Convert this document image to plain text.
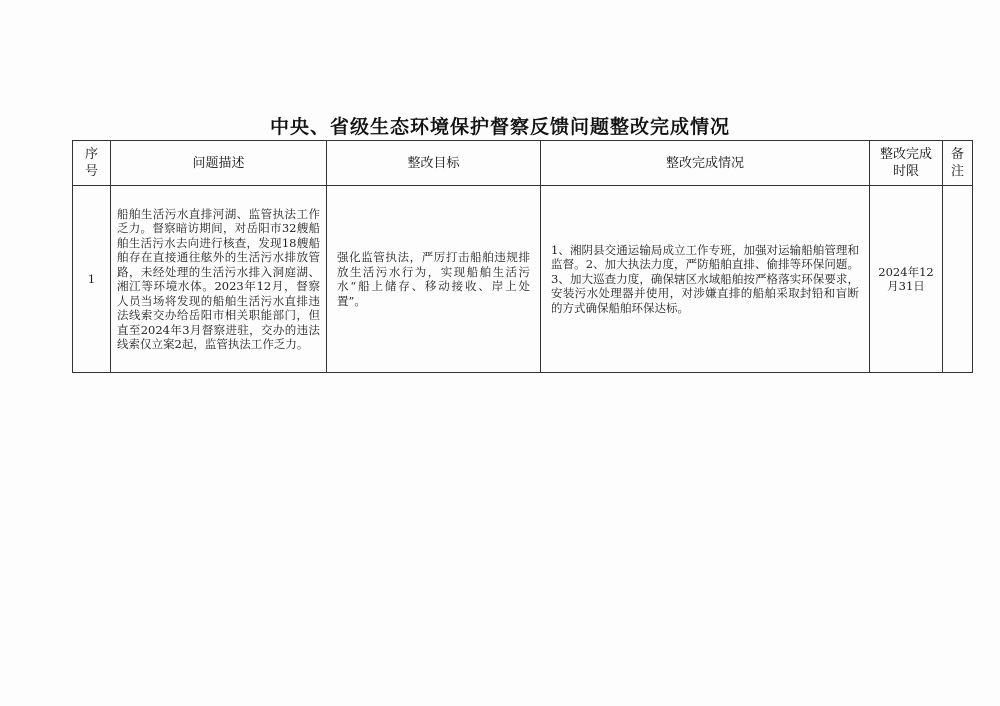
中央、省级生态环境保护督察反馈问题整改完成情况
序号	问题描述	整改目标	整改完成情况	整改完成时限	备注
1	船舶生活污水直排河湖、监管执法工作乏力。督察暗访期间，对岳阳市32艘船舶生活污水去向进行核查，发现18艘船舶存在直接通往舷外的生活污水排放管路，未经处理的生活污水排入洞庭湖、湘江等环境水体。2023年12月，督察人员当场将发现的船舶生活污水直排违法线索交办给岳阳市相关职能部门，但直至2024年3月督察进驻，交办的违法线索仅立案2起，监管执法工作乏力。	强化监管执法，严厉打击船舶违规排放生活污水行为，实现船舶生活污水“船上储存、移动接收、岸上处置”。	1、湘阴县交通运输局成立工作专班，加强对运输船舶管理和监督。2、加大执法力度，严防船舶直排、偷排等环保问题。3、加大巡查力度，确保辖区水域船舶按严格落实环保要求，安装污水处理器并使用，对涉嫌直排的船舶采取封铅和盲断的方式确保船舶环保达标。	2024年12月31日	
